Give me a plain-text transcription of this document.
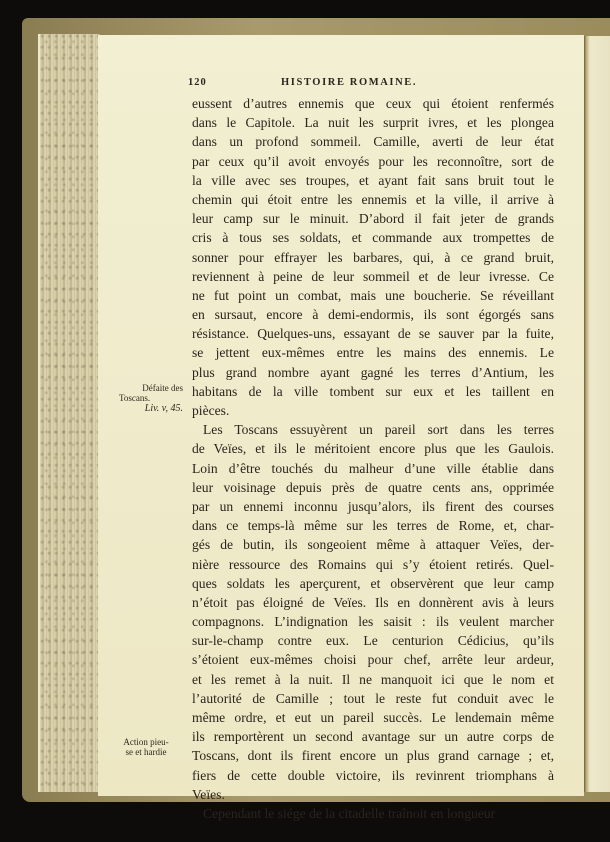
120	HISTOIRE ROMAINE.
eussent d’autres ennemis que ceux qui étoient renfermés
dans le Capitole. La nuit les surprit ivres, et les plongea
dans un profond sommeil. Camille, averti de leur état
par ceux qu’il avoit envoyés pour les reconnoître, sort de
la ville avec ses troupes, et ayant fait sans bruit tout le
chemin qui étoit entre les ennemis et la ville, il arrive à
leur camp sur le minuit. D’abord il fait jeter de grands
cris à tous ses soldats, et commande aux trompettes de
sonner pour effrayer les barbares, qui, à ce grand bruit,
reviennent à peine de leur sommeil et de leur ivresse. Ce
ne fut point un combat, mais une boucherie. Se réveillant
en sursaut, encore à demi-endormis, ils sont égorgés sans
résistance. Quelques-uns, essayant de se sauver par la fuite,
se jettent eux-mêmes entre les mains des ennemis. Le
plus grand nombre ayant gagné les terres d’Antium, les
habitans de la ville tombent sur eux et les taillent en
pièces.
Les Toscans essuyèrent un pareil sort dans les terres
de Veïes, et ils le méritoient encore plus que les Gaulois.
Loin d’être touchés du malheur d’une ville établie dans
leur voisinage depuis près de quatre cents ans, opprimée
par un ennemi inconnu jusqu’alors, ils firent des courses
dans ce temps-là même sur les terres de Rome, et, char-
gés de butin, ils songeoient même à attaquer Veïes, der-
nière ressource des Romains qui s’y étoient retirés. Quel-
ques soldats les aperçurent, et observèrent que leur camp
n’étoit pas éloigné de Veïes. Ils en donnèrent avis à leurs
compagnons. L’indignation les saisit : ils veulent marcher
sur-le-champ contre eux. Le centurion Cédicius, qu’ils
s’étoient eux-mêmes choisi pour chef, arrête leur ardeur,
et les remet à la nuit. Il ne manquoit ici que le nom et
l’autorité de Camille ; tout le reste fut conduit avec le
même ordre, et eut un pareil succès. Le lendemain même
ils remportèrent un second avantage sur un autre corps de
Toscans, dont ils firent encore un plus grand carnage ; et,
fiers de cette double victoire, ils revinrent triomphans à
Veïes.
Cependant le siége de la citadelle traînoit en longueur
Défaite des
Toscans.
Liv. v, 45.
Action pieu-
se et hardie
